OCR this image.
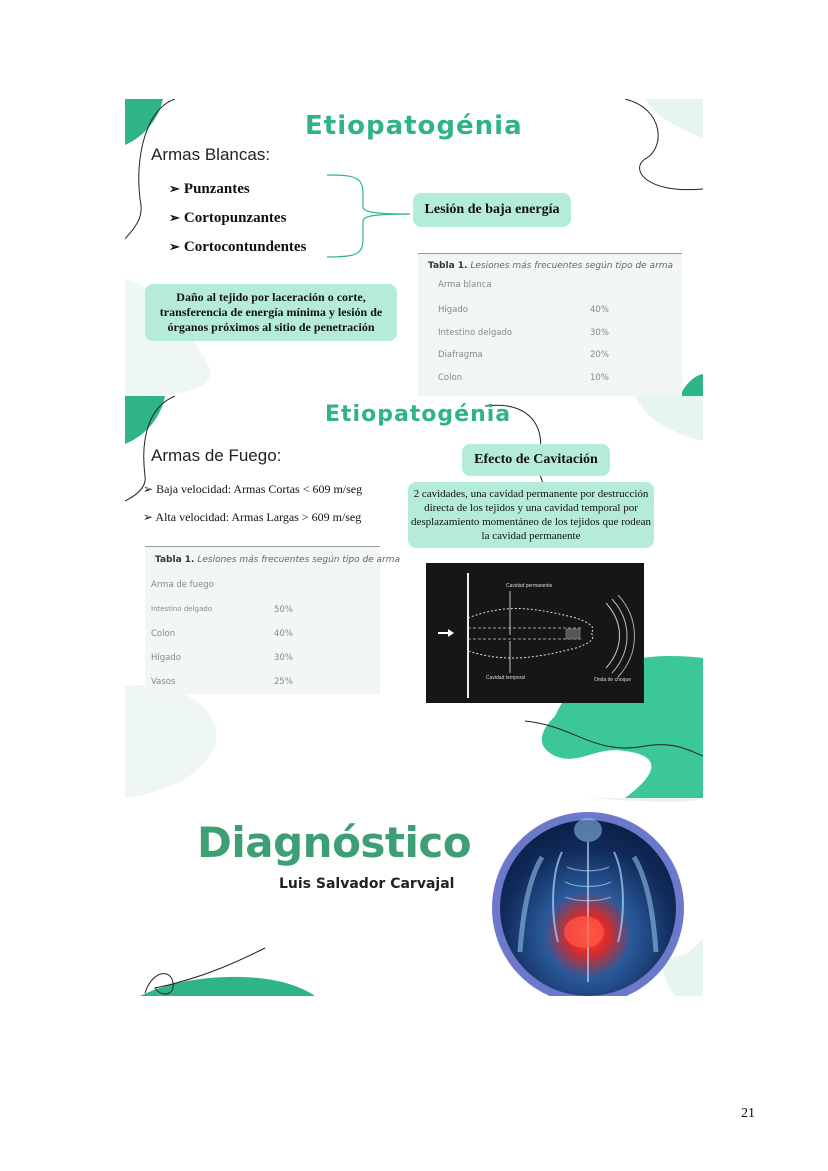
Etiopatogénia
Armas Blancas:
➢ Punzantes
➢ Cortopunzantes
➢ Cortocontundentes
Lesión de baja energía
Daño al tejido por laceración o corte, transferencia de energía mínima y lesión de órganos próximos al sitio de penetración
Tabla 1. Lesiones más frecuentes según tipo de arma
Arma blanca
Hígado	40%
Intestino delgado	30%
Diafragma	20%
Colon	10%
Etiopatogénia
Armas de Fuego:
➢ Baja velocidad: Armas Cortas < 609 m/seg
➢ Alta velocidad: Armas Largas > 609 m/seg
Efecto de Cavitación
2 cavidades, una cavidad permanente por destrucción directa de los tejidos y una cavidad temporal por desplazamiento momentáneo de los tejidos que rodean la cavidad permanente
Tabla 1. Lesiones más frecuentes según tipo de arma
Arma de fuego
Intestino delgado	50%
Colon	40%
Hígado	30%
Vasos	25%
Cavidad permanente
Cavidad temporal	Onda de choque
Diagnóstico
Luis Salvador Carvajal
21
